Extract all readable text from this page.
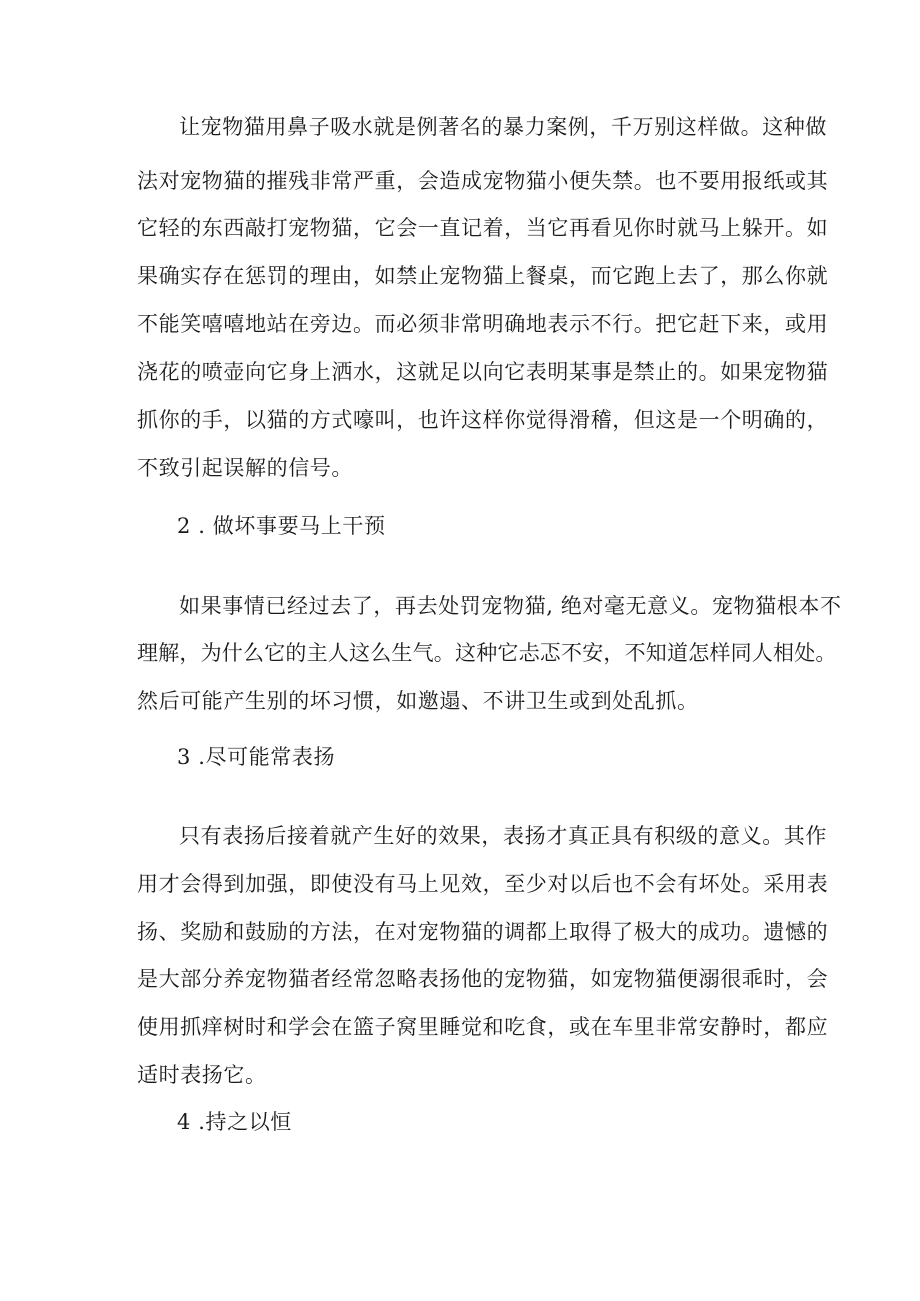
让宠物猫用鼻子吸水就是例著名的暴力案例，千万别这样做。这种做
法对宠物猫的摧残非常严重，会造成宠物猫小便失禁。也不要用报纸或其
它轻的东西敲打宠物猫，它会一直记着，当它再看见你时就马上躲开。如
果确实存在惩罚的理由，如禁止宠物猫上餐桌，而它跑上去了，那么你就
不能笑嘻嘻地站在旁边。而必须非常明确地表示不行。把它赶下来，或用
浇花的喷壶向它身上洒水，这就足以向它表明某事是禁止的。如果宠物猫
抓你的手，以猫的方式嚎叫，也许这样你觉得滑稽，但这是一个明确的，
不致引起误解的信号。
2 . 做坏事要马上干预
如果事情已经过去了，再去处罚宠物猫, 绝对毫无意义。宠物猫根本不
理解，为什么它的主人这么生气。这种它忐忑不安，不知道怎样同人相处。
然后可能产生别的坏习惯，如邀遢、不讲卫生或到处乱抓。
3 .尽可能常表扬
只有表扬后接着就产生好的效果，表扬才真正具有积级的意义。其作
用才会得到加强，即使没有马上见效，至少对以后也不会有坏处。采用表
扬、奖励和鼓励的方法，在对宠物猫的调都上取得了极大的成功。遗憾的
是大部分养宠物猫者经常忽略表扬他的宠物猫，如宠物猫便溺很乖时，会
使用抓痒树时和学会在篮子窝里睡觉和吃食，或在车里非常安静时，都应
适时表扬它。
4 .持之以恒
